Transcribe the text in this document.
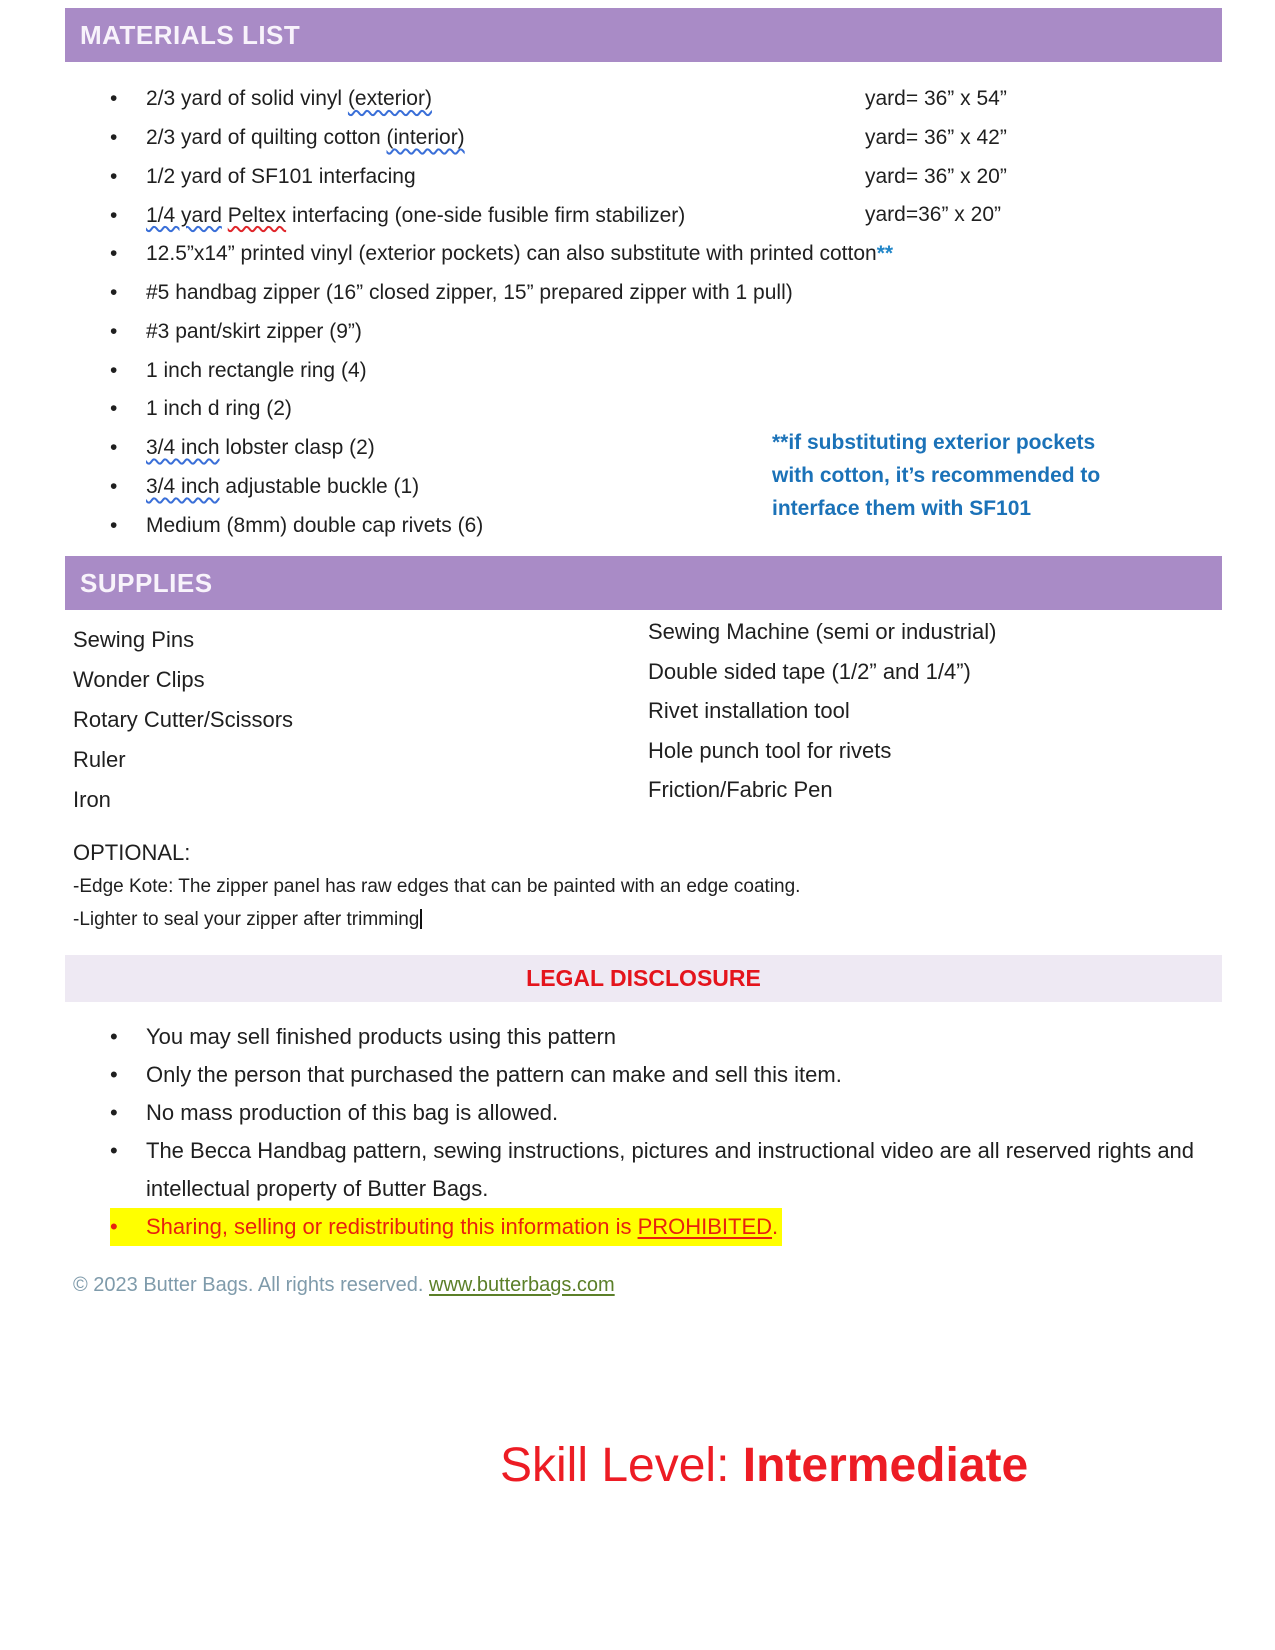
MATERIALS LIST
•
2/3 yard of solid vinyl (exterior)	yard= 36” x 54”
•
2/3 yard of quilting cotton (interior)	yard= 36” x 42”
•
1/2 yard of SF101 interfacing	yard= 36” x 20”
•
1/4 yard Peltex interfacing (one-side fusible firm stabilizer)	yard=36” x 20”
•
12.5”x14” printed vinyl (exterior pockets) can also substitute with printed cotton**
•
#5 handbag zipper (16” closed zipper, 15” prepared zipper with 1 pull)
•
#3 pant/skirt zipper (9”)
•
1 inch rectangle ring (4)
•
1 inch d ring (2)
•
3/4 inch lobster clasp (2)
•
3/4 inch adjustable buckle (1)
•
Medium (8mm) double cap rivets (6)
SUPPLIES
Sewing Pins
Wonder Clips
Rotary Cutter/Scissors
Ruler
Iron
Sewing Machine (semi or industrial)
Double sided tape (1/2” and 1/4”)
Rivet installation tool
Hole punch tool for rivets
Friction/Fabric Pen
OPTIONAL:
-Edge Kote: The zipper panel has raw edges that can be painted with an edge coating.
-Lighter to seal your zipper after trimming
LEGAL DISCLOSURE
•
You may sell finished products using this pattern
•
Only the person that purchased the pattern can make and sell this item.
•
No mass production of this bag is allowed.
•
The Becca Handbag pattern, sewing instructions, pictures and instructional video are all reserved rights and intellectual property of Butter Bags.
•
Sharing, selling or redistributing this information is PROHIBITED.
© 2023 Butter Bags. All rights reserved. www.butterbags.com
Skill Level: Intermediate
**if substituting exterior pockets with cotton, it’s recommended to interface them with SF101
